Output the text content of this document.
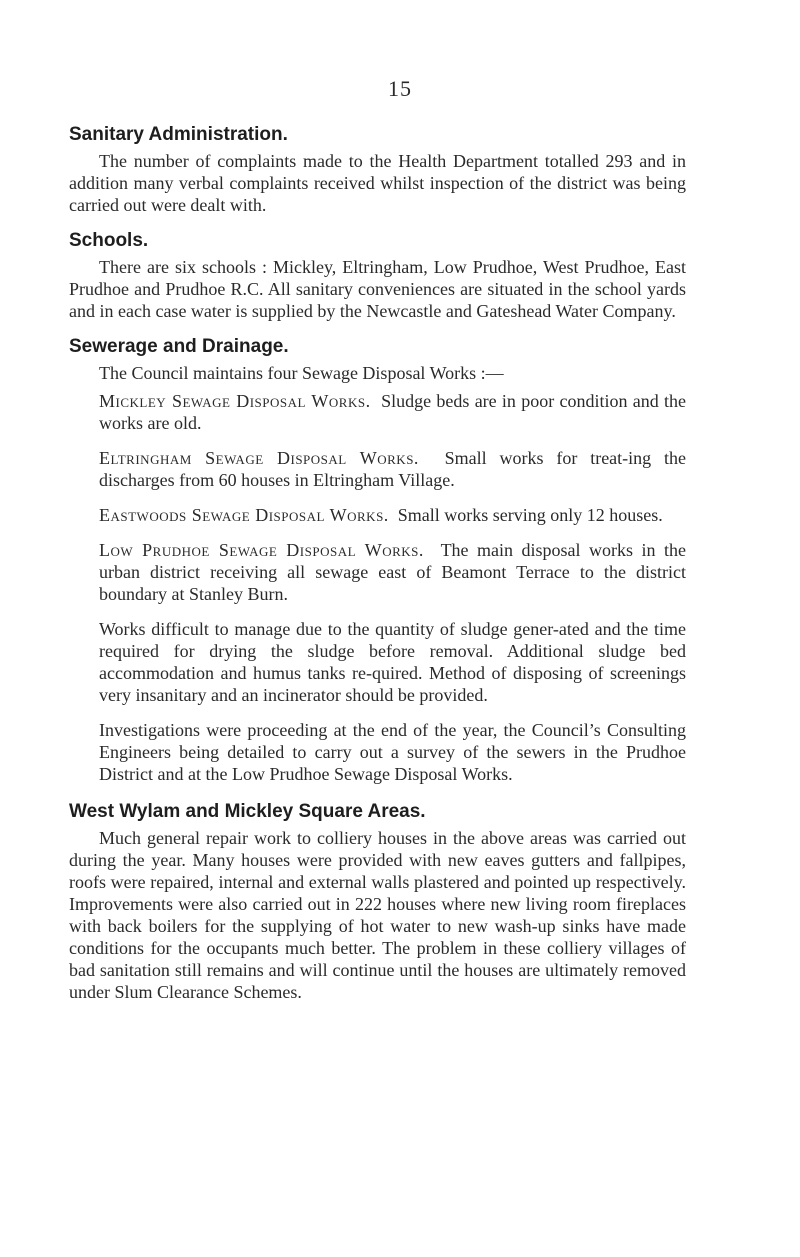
15
Sanitary Administration.

The number of complaints made to the Health Department totalled 293 and in addition many verbal complaints received whilst inspection of the district was being carried out were dealt with.

Schools.

There are six schools : Mickley, Eltringham, Low Prudhoe, West Prudhoe, East Prudhoe and Prudhoe R.C. All sanitary conveniences are situated in the school yards and in each case water is supplied by the Newcastle and Gateshead Water Company.

Sewerage and Drainage.

The Council maintains four Sewage Disposal Works :—

Mickley Sewage Disposal Works. Sludge beds are in poor condition and the works are old.

Eltringham Sewage Disposal Works. Small works for treat-ing the discharges from 60 houses in Eltringham Village.

Eastwoods Sewage Disposal Works. Small works serving only 12 houses.

Low Prudhoe Sewage Disposal Works. The main disposal works in the urban district receiving all sewage east of Beamont Terrace to the district boundary at Stanley Burn.

Works difficult to manage due to the quantity of sludge gener-ated and the time required for drying the sludge before removal. Additional sludge bed accommodation and humus tanks re-quired. Method of disposing of screenings very insanitary and an incinerator should be provided.

Investigations were proceeding at the end of the year, the Council’s Consulting Engineers being detailed to carry out a survey of the sewers in the Prudhoe District and at the Low Prudhoe Sewage Disposal Works.

West Wylam and Mickley Square Areas.

Much general repair work to colliery houses in the above areas was carried out during the year. Many houses were provided with new eaves gutters and fallpipes, roofs were repaired, internal and external walls plastered and pointed up respectively. Improvements were also carried out in 222 houses where new living room fireplaces with back boilers for the supplying of hot water to new wash-up sinks have made conditions for the occupants much better. The problem in these colliery villages of bad sanitation still remains and will continue until the houses are ultimately removed under Slum Clearance Schemes.
